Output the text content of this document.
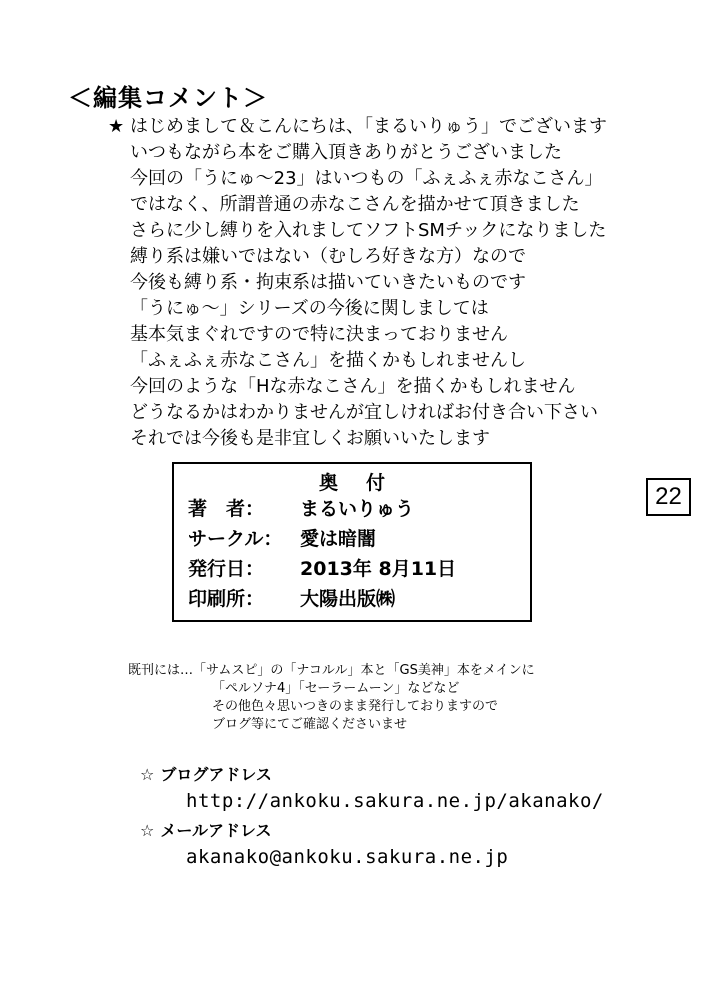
＜編集コメント＞
★ はじめまして＆こんにちは、「まるいりゅう」でございます
いつもながら本をご購入頂きありがとうございました
今回の「うにゅ〜23」はいつもの「ふぇふぇ赤なこさん」
ではなく、所謂普通の赤なこさんを描かせて頂きました
さらに少し縛りを入れましてソフトSMチックになりました
縛り系は嫌いではない（むしろ好きな方）なので
今後も縛り系・拘束系は描いていきたいものです
「うにゅ〜」シリーズの今後に関しましては
基本気まぐれですので特に決まっておりません
「ふぇふぇ赤なこさん」を描くかもしれませんし
今回のような「Hな赤なこさん」を描くかもしれません
どうなるかはわかりませんが宜しければお付き合い下さい
それでは今後も是非宜しくお願いいたします
奥付
著　者：	まるいりゅう
サークル： 愛は暗闇
発行日：	2013年 8月11日
印刷所：	大陽出版㈱
22
既刊には…「サムスピ」の「ナコルル」本と「GS美神」本をメインに
「ペルソナ4」「セーラームーン」などなど
その他色々思いつきのまま発行しておりますので
ブログ等にてご確認くださいませ
☆ ブログアドレス
http://ankoku.sakura.ne.jp/akanako/
☆ メールアドレス
akanako@ankoku.sakura.ne.jp
